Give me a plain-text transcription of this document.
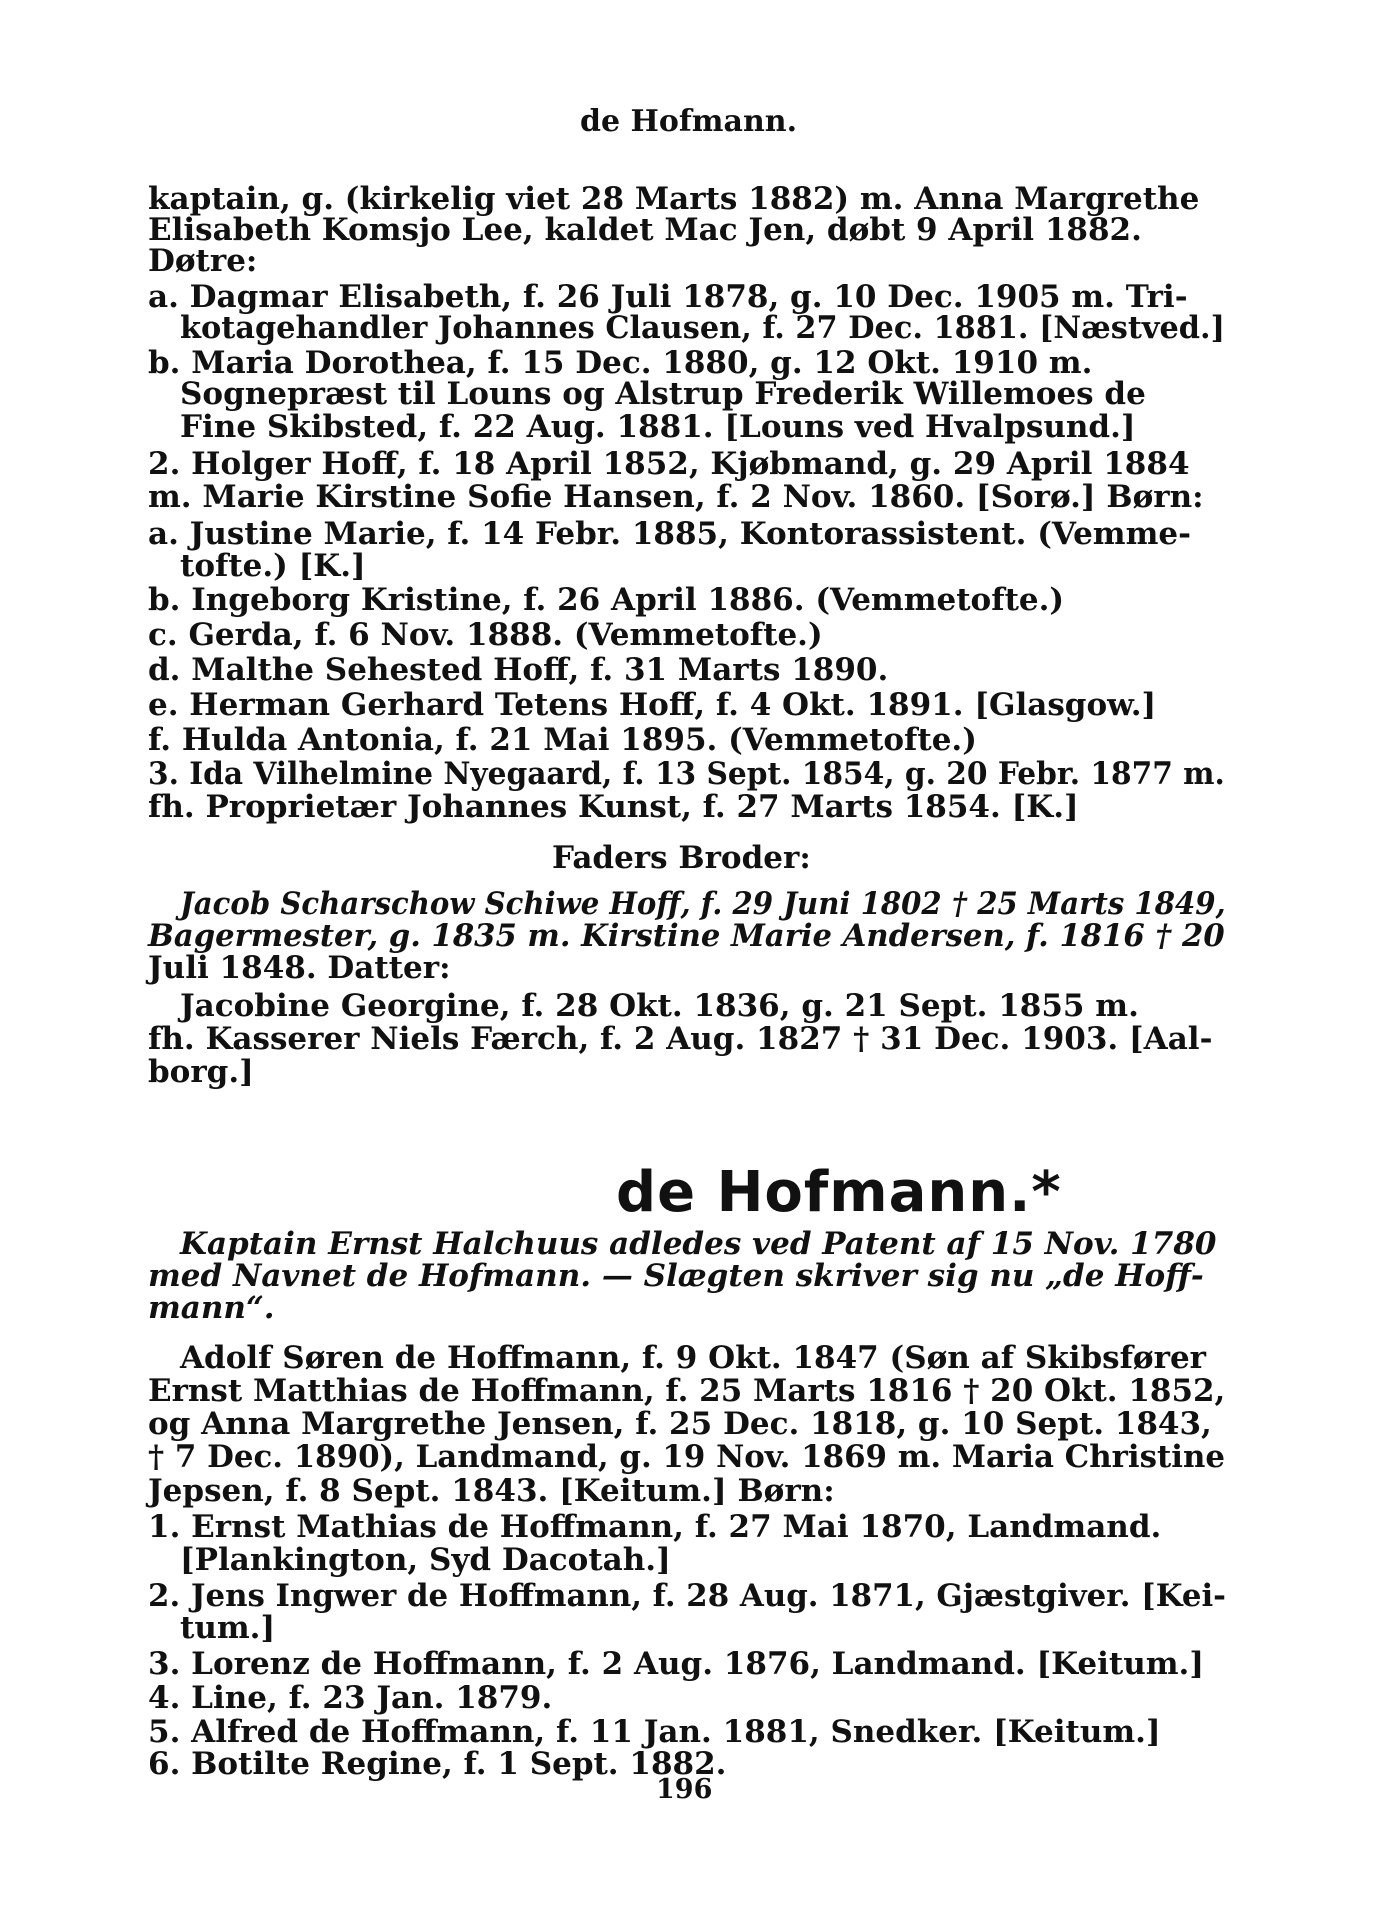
de Hofmann.
kaptain, g. (kirkelig viet 28 Marts 1882) m. Anna Margrethe
Elisabeth Komsjo Lee, kaldet Mac Jen, døbt 9 April 1882.
Døtre:
a. Dagmar Elisabeth, f. 26 Juli 1878, g. 10 Dec. 1905 m. Tri-
kotagehandler Johannes Clausen, f. 27 Dec. 1881. [Næstved.]
b. Maria Dorothea, f. 15 Dec. 1880, g. 12 Okt. 1910 m.
Sognepræst til Louns og Alstrup Frederik Willemoes de
Fine Skibsted, f. 22 Aug. 1881. [Louns ved Hvalpsund.]
2. Holger Hoff, f. 18 April 1852, Kjøbmand, g. 29 April 1884
m. Marie Kirstine Sofie Hansen, f. 2 Nov. 1860. [Sorø.] Børn:
a. Justine Marie, f. 14 Febr. 1885, Kontorassistent. (Vemme-
tofte.) [K.]
b. Ingeborg Kristine, f. 26 April 1886. (Vemmetofte.)
c. Gerda, f. 6 Nov. 1888. (Vemmetofte.)
d. Malthe Sehested Hoff, f. 31 Marts 1890.
e. Herman Gerhard Tetens Hoff, f. 4 Okt. 1891. [Glasgow.]
f. Hulda Antonia, f. 21 Mai 1895. (Vemmetofte.)
3. Ida Vilhelmine Nyegaard, f. 13 Sept. 1854, g. 20 Febr. 1877 m.
fh. Proprietær Johannes Kunst, f. 27 Marts 1854. [K.]
Faders Broder:
Jacob Scharschow Schiwe Hoff, f. 29 Juni 1802 † 25 Marts 1849,
Bagermester, g. 1835 m. Kirstine Marie Andersen, f. 1816 † 20
Juli 1848. Datter:
Jacobine Georgine, f. 28 Okt. 1836, g. 21 Sept. 1855 m.
fh. Kasserer Niels Færch, f. 2 Aug. 1827 † 31 Dec. 1903. [Aal-
borg.]
de Hofmann.*
Kaptain Ernst Halchuus adledes ved Patent af 15 Nov. 1780
med Navnet de Hofmann. — Slægten skriver sig nu „de Hoff-
mann“.
Adolf Søren de Hoffmann, f. 9 Okt. 1847 (Søn af Skibsfører
Ernst Matthias de Hoffmann, f. 25 Marts 1816 † 20 Okt. 1852,
og Anna Margrethe Jensen, f. 25 Dec. 1818, g. 10 Sept. 1843,
† 7 Dec. 1890), Landmand, g. 19 Nov. 1869 m. Maria Christine
Jepsen, f. 8 Sept. 1843. [Keitum.] Børn:
1. Ernst Mathias de Hoffmann, f. 27 Mai 1870, Landmand.
[Plankington, Syd Dacotah.]
2. Jens Ingwer de Hoffmann, f. 28 Aug. 1871, Gjæstgiver. [Kei-
tum.]
3. Lorenz de Hoffmann, f. 2 Aug. 1876, Landmand. [Keitum.]
4. Line, f. 23 Jan. 1879.
5. Alfred de Hoffmann, f. 11 Jan. 1881, Snedker. [Keitum.]
6. Botilte Regine, f. 1 Sept. 1882.
196
